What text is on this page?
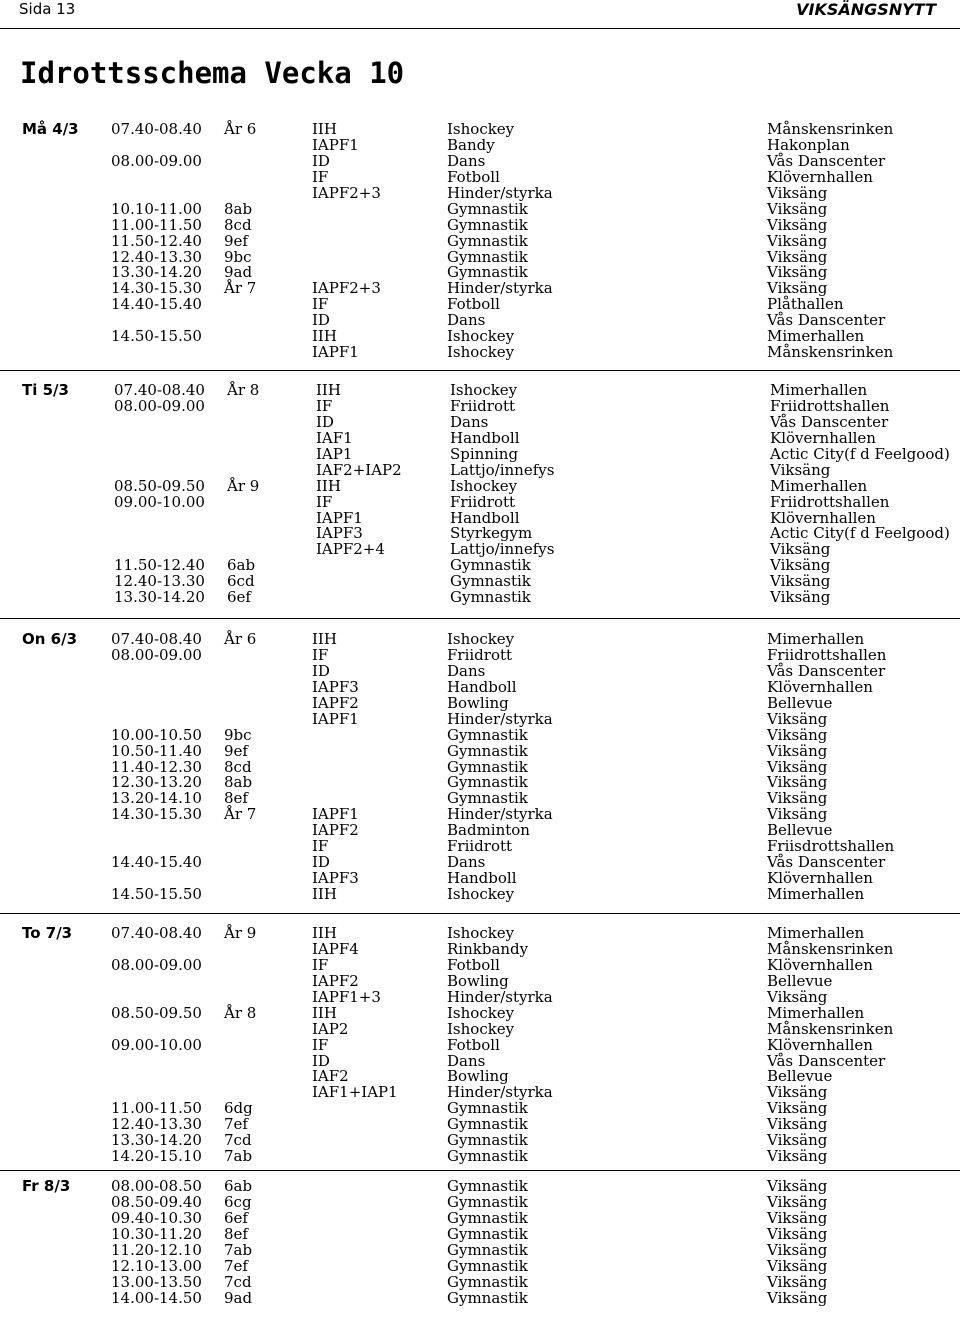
Sida 13	VIKSÄNGSNYTT
Idrottsschema Vecka 10
Må 4/3 07.40-08.40 År 6	IIH	Ishockey	Månskensrinken
IAPF1	Bandy	Hakonplan
08.00-09.00	ID	Dans	Vås Danscenter
IF	Fotboll	Klövernhallen
IAPF2+3	Hinder/styrka	Viksäng
10.10-11.00 8ab	Gymnastik	Viksäng
11.00-11.50 8cd	Gymnastik	Viksäng
11.50-12.40 9ef	Gymnastik	Viksäng
12.40-13.30 9bc	Gymnastik	Viksäng
13.30-14.20 9ad	Gymnastik	Viksäng
14.30-15.30 År 7	IAPF2+3	Hinder/styrka	Viksäng
14.40-15.40	IF	Fotboll	Plåthallen
ID	Dans	Vås Danscenter
14.50-15.50	IIH	Ishockey	Mimerhallen
IAPF1	Ishockey	Månskensrinken
Ti 5/3	07.40-08.40 År 8	IIH	Ishockey	Mimerhallen
08.00-09.00	IF	Friidrott	Friidrottshallen
ID	Dans	Vås Danscenter
IAF1	Handboll	Klövernhallen
IAP1	Spinning	Actic City(f d Feelgood)
IAF2+IAP2	Lattjo/innefys	Viksäng
08.50-09.50 År 9	IIH	Ishockey	Mimerhallen
09.00-10.00	IF	Friidrott	Friidrottshallen
IAPF1	Handboll	Klövernhallen
IAPF3	Styrkegym	Actic City(f d Feelgood)
IAPF2+4	Lattjo/innefys	Viksäng
11.50-12.40 6ab	Gymnastik	Viksäng
12.40-13.30 6cd	Gymnastik	Viksäng
13.30-14.20 6ef	Gymnastik	Viksäng
On 6/3 07.40-08.40 År 6	IIH	Ishockey	Mimerhallen
08.00-09.00	IF	Friidrott	Friidrottshallen
ID	Dans	Vås Danscenter
IAPF3	Handboll	Klövernhallen
IAPF2	Bowling	Bellevue
IAPF1	Hinder/styrka	Viksäng
10.00-10.50 9bc	Gymnastik	Viksäng
10.50-11.40 9ef	Gymnastik	Viksäng
11.40-12.30 8cd	Gymnastik	Viksäng
12.30-13.20 8ab	Gymnastik	Viksäng
13.20-14.10 8ef	Gymnastik	Viksäng
14.30-15.30 År 7	IAPF1	Hinder/styrka	Viksäng
IAPF2	Badminton	Bellevue
IF	Friidrott	Friisdrottshallen
14.40-15.40	ID	Dans	Vås Danscenter
IAPF3	Handboll	Klövernhallen
14.50-15.50	IIH	Ishockey	Mimerhallen
To 7/3	07.40-08.40 År 9	IIH	Ishockey	Mimerhallen
IAPF4	Rinkbandy	Månskensrinken
08.00-09.00	IF	Fotboll	Klövernhallen
IAPF2	Bowling	Bellevue
IAPF1+3	Hinder/styrka	Viksäng
08.50-09.50 År 8	IIH	Ishockey	Mimerhallen
IAP2	Ishockey	Månskensrinken
09.00-10.00	IF	Fotboll	Klövernhallen
ID	Dans	Vås Danscenter
IAF2	Bowling	Bellevue
IAF1+IAP1	Hinder/styrka	Viksäng
11.00-11.50 6dg	Gymnastik	Viksäng
12.40-13.30 7ef	Gymnastik	Viksäng
13.30-14.20 7cd	Gymnastik	Viksäng
14.20-15.10 7ab	Gymnastik	Viksäng
Fr 8/3	08.00-08.50 6ab	Gymnastik	Viksäng
08.50-09.40 6cg	Gymnastik	Viksäng
09.40-10.30 6ef	Gymnastik	Viksäng
10.30-11.20 8ef	Gymnastik	Viksäng
11.20-12.10 7ab	Gymnastik	Viksäng
12.10-13.00 7ef	Gymnastik	Viksäng
13.00-13.50 7cd	Gymnastik	Viksäng
14.00-14.50 9ad	Gymnastik	Viksäng
